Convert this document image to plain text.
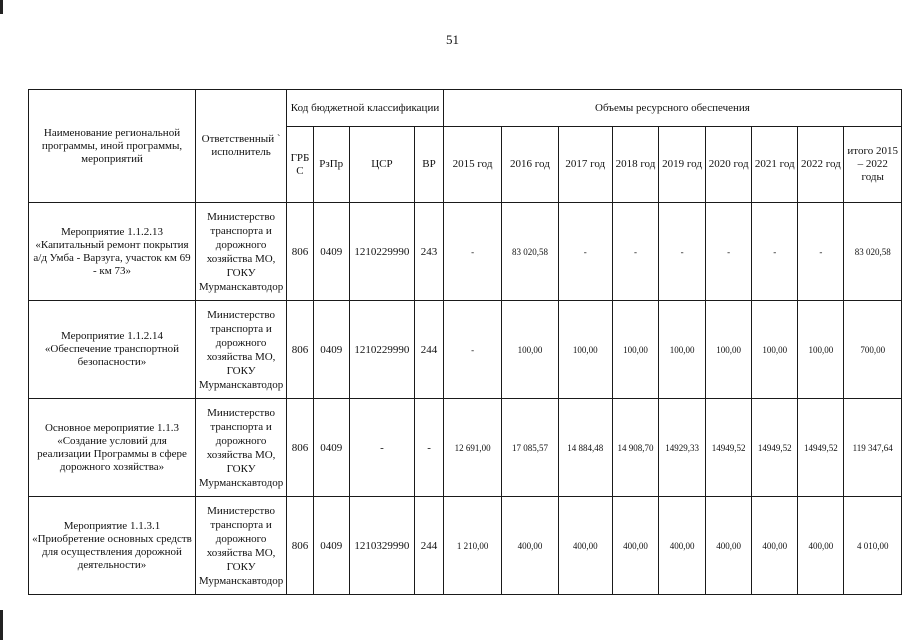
51
Наименование региональной программы, иной программы, мероприятий	Ответственный ` исполнитель	Код бюджетной классификации				Объемы ресурсного обеспечения								
		ГРБ С	РзПр	ЦСР	ВР	2015 год	2016 год	2017 год	2018 год	2019 год	2020 год	2021 год	2022 год	итого 2015 – 2022 годы
Мероприятие 1.1.2.13 «Капитальный ремонт покрытия а/д Умба - Варзуга, участок км 69 - км 73»	Министерство транспорта и дорожного хозяйства МО, ГОКУ Мурманскавтодор	806	0409	1210229990	243	-	83 020,58	-	-	-	-	-	-	83 020,58
Мероприятие 1.1.2.14 «Обеспечение транспортной безопасности»	Министерство транспорта и дорожного хозяйства МО, ГОКУ Мурманскавтодор	806	0409	1210229990	244	-	100,00	100,00	100,00	100,00	100,00	100,00	100,00	700,00
Основное мероприятие 1.1.3 «Создание условий для реализации Программы в сфере дорожного хозяйства»	Министерство транспорта и дорожного хозяйства МО, ГОКУ Мурманскавтодор	806	0409	-	-	12 691,00	17 085,57	14 884,48	14 908,70	14929,33	14949,52	14949,52	14949,52	119 347,64
Мероприятие 1.1.3.1 «Приобретение основных средств для осуществления дорожной деятельности»	Министерство транспорта и дорожного хозяйства МО, ГОКУ Мурманскавтодор	806	0409	1210329990	244	1 210,00	400,00	400,00	400,00	400,00	400,00	400,00	400,00	4 010,00
